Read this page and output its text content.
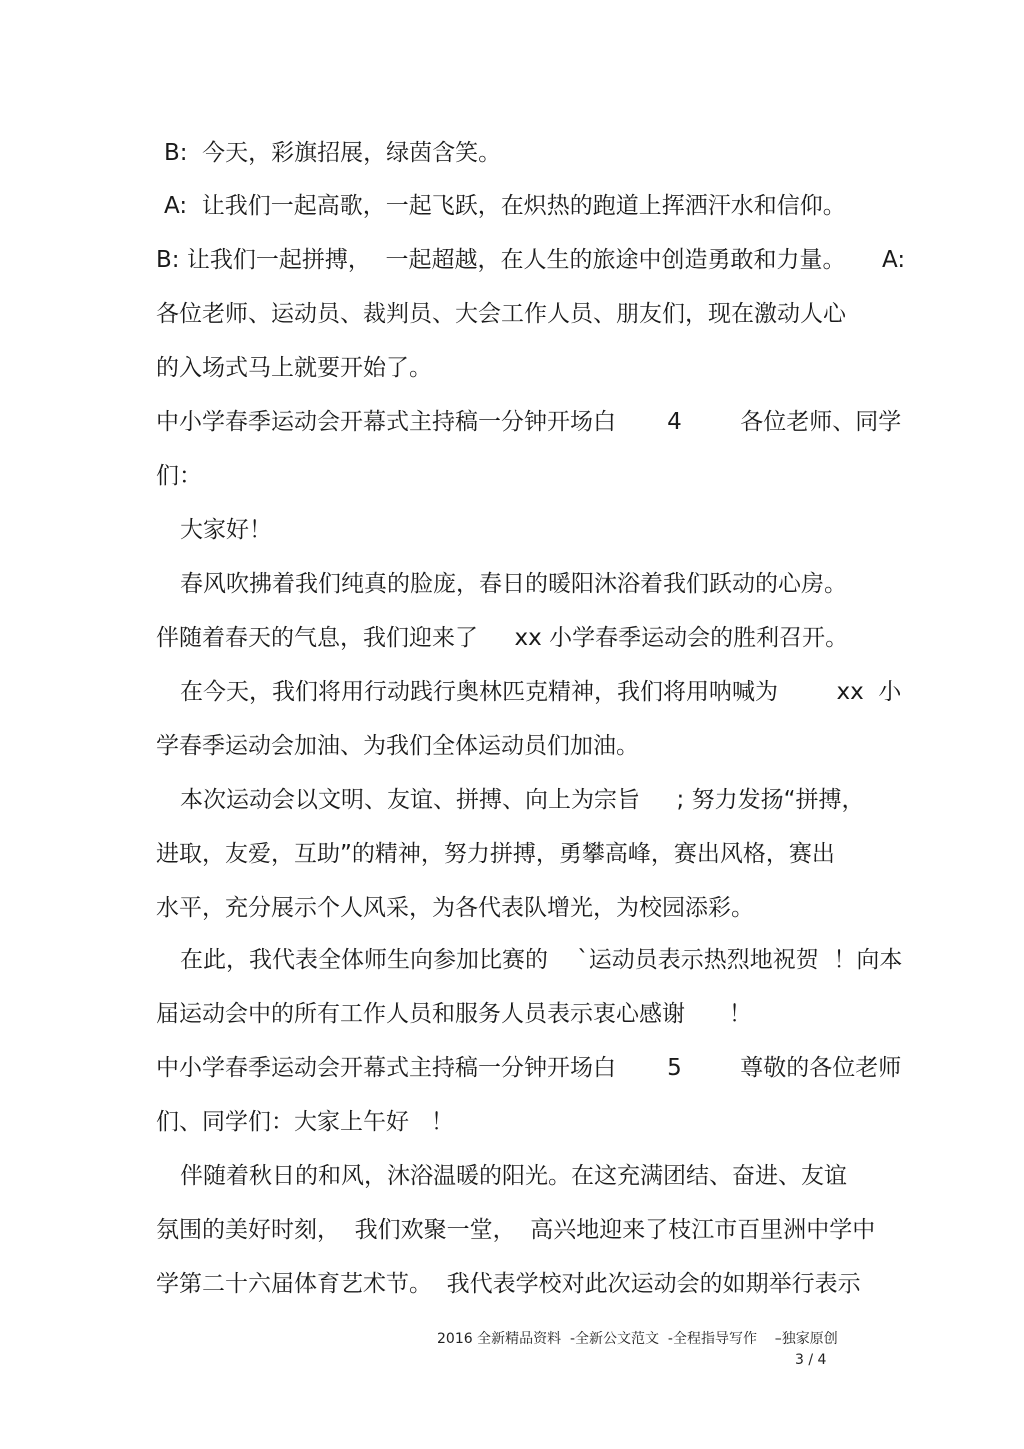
B:  今天，彩旗招展，绿茵含笑。
A:  让我们一起高歌，一起飞跃，在炽热的跑道上挥洒汗水和信仰。
B: 让我们一起拼搏，  一起超越，在人生的旅途中创造勇敢和力量。     A:
各位老师、运动员、裁判员、大会工作人员、朋友们，现在激动人心
的入场式马上就要开始了。
中小学春季运动会开幕式主持稿一分钟开场白       4        各位老师、同学
们：
大家好！
春风吹拂着我们纯真的脸庞，春日的暖阳沐浴着我们跃动的心房。
伴随着春天的气息，我们迎来了     xx 小学春季运动会的胜利召开。
在今天，我们将用行动践行奥林匹克精神，我们将用呐喊为        xx  小
学春季运动会加油、为我们全体运动员们加油。
本次运动会以文明、友谊、拼搏、向上为宗旨     ; 努力发扬“拼搏，
进取，友爱，互助”的精神，努力拼搏，勇攀高峰，赛出风格，赛出
水平，充分展示个人风采，为各代表队增光，为校园添彩。
在此，我代表全体师生向参加比赛的    `运动员表示热烈地祝贺  ！向本
届运动会中的所有工作人员和服务人员表示衷心感谢      ！
中小学春季运动会开幕式主持稿一分钟开场白       5        尊敬的各位老师
们、同学们：大家上午好   ！
伴随着秋日的和风，沐浴温暖的阳光。在这充满团结、奋进、友谊
氛围的美好时刻，  我们欢聚一堂，  高兴地迎来了枝江市百里洲中学中
学第二十六届体育艺术节。  我代表学校对此次运动会的如期举行表示
2016 全新精品资料  -全新公文范文  -全程指导写作    –独家原创
3 / 4
